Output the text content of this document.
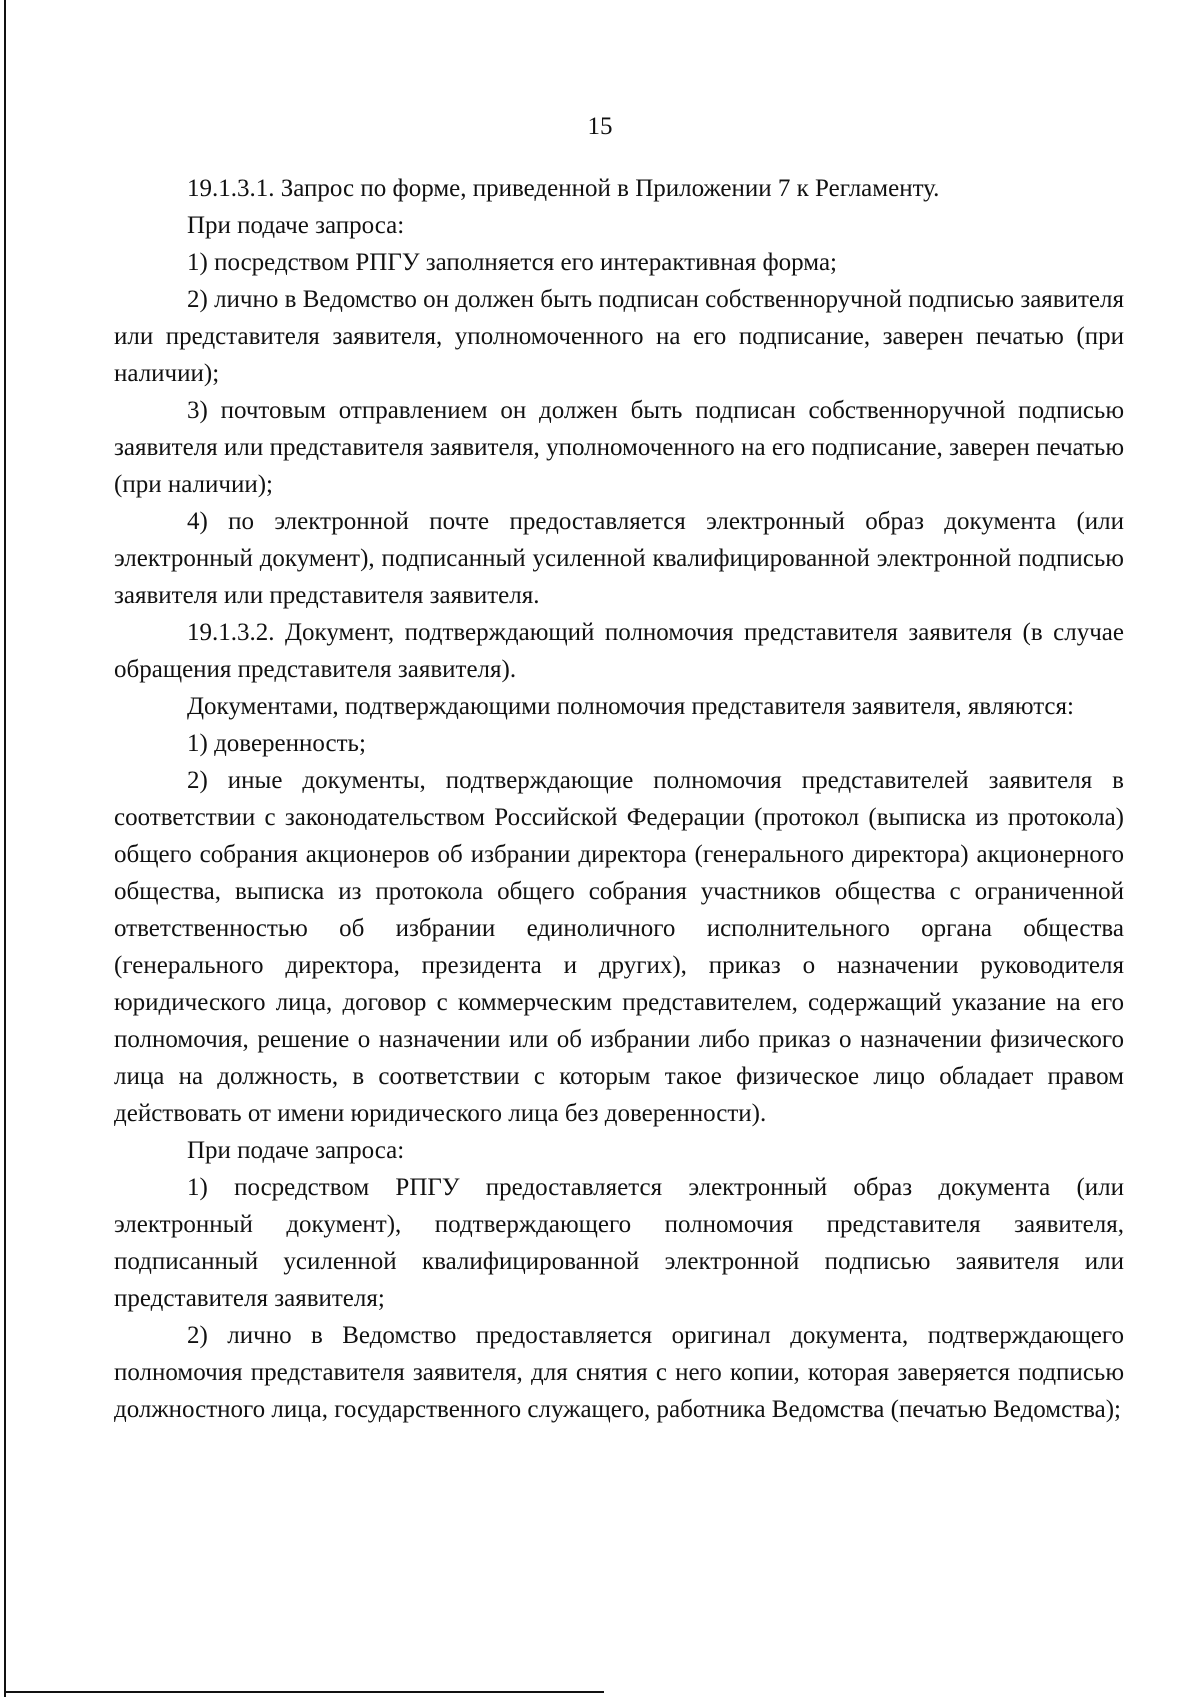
15

19.1.3.1. Запрос по форме, приведенной в Приложении 7 к Регламенту.

При подаче запроса:

1) посредством РПГУ заполняется его интерактивная форма;

2) лично в Ведомство он должен быть подписан собственноручной подписью заявителя или представителя заявителя, уполномоченного на его подписание, заверен печатью (при наличии);

3) почтовым отправлением он должен быть подписан собственноручной подписью заявителя или представителя заявителя, уполномоченного на его подписание, заверен печатью (при наличии);

4) по электронной почте предоставляется электронный образ документа (или электронный документ), подписанный усиленной квалифицированной электронной подписью заявителя или представителя заявителя.

19.1.3.2. Документ, подтверждающий полномочия представителя заявителя (в случае обращения представителя заявителя).

Документами, подтверждающими полномочия представителя заявителя, являются:

1) доверенность;

2) иные документы, подтверждающие полномочия представителей заявителя в соответствии с законодательством Российской Федерации (протокол (выписка из протокола) общего собрания акционеров об избрании директора (генерального директора) акционерного общества, выписка из протокола общего собрания участников общества с ограниченной ответственностью об избрании единоличного исполнительного органа общества (генерального директора, президента и других), приказ о назначении руководителя юридического лица, договор с коммерческим представителем, содержащий указание на его полномочия, решение о назначении или об избрании либо приказ о назначении физического лица на должность, в соответствии с которым такое физическое лицо обладает правом действовать от имени юридического лица без доверенности).

При подаче запроса:

1) посредством РПГУ предоставляется электронный образ документа (или электронный документ), подтверждающего полномочия представителя заявителя, подписанный усиленной квалифицированной электронной подписью заявителя или представителя заявителя;

2) лично в Ведомство предоставляется оригинал документа, подтверждающего полномочия представителя заявителя, для снятия с него копии, которая заверяется подписью должностного лица, государственного служащего, работника Ведомства (печатью Ведомства);
